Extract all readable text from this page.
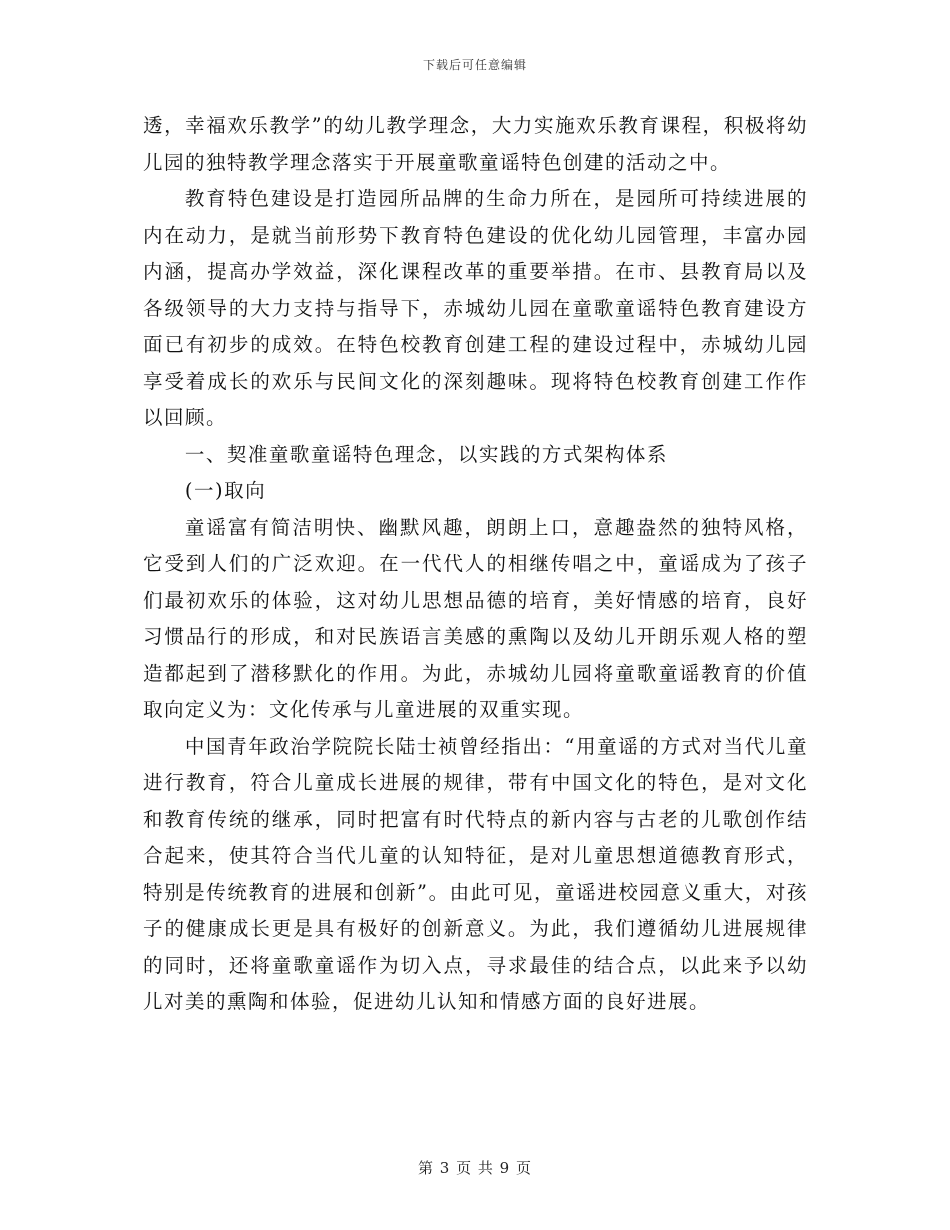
下载后可任意编辑

透，幸福欢乐教学”的幼儿教学理念，大力实施欢乐教育课程，积极将幼儿园的独特教学理念落实于开展童歌童谣特色创建的活动之中。

教育特色建设是打造园所品牌的生命力所在，是园所可持续进展的内在动力，是就当前形势下教育特色建设的优化幼儿园管理，丰富办园内涵，提高办学效益，深化课程改革的重要举措。在市、县教育局以及各级领导的大力支持与指导下，赤城幼儿园在童歌童谣特色教育建设方面已有初步的成效。在特色校教育创建工程的建设过程中，赤城幼儿园享受着成长的欢乐与民间文化的深刻趣味。现将特色校教育创建工作作以回顾。

一、契准童歌童谣特色理念，以实践的方式架构体系

(一)取向

童谣富有简洁明快、幽默风趣，朗朗上口，意趣盎然的独特风格，它受到人们的广泛欢迎。在一代代人的相继传唱之中，童谣成为了孩子们最初欢乐的体验，这对幼儿思想品德的培育，美好情感的培育，良好习惯品行的形成，和对民族语言美感的熏陶以及幼儿开朗乐观人格的塑造都起到了潜移默化的作用。为此，赤城幼儿园将童歌童谣教育的价值取向定义为：文化传承与儿童进展的双重实现。

中国青年政治学院院长陆士祯曾经指出：“用童谣的方式对当代儿童进行教育，符合儿童成长进展的规律，带有中国文化的特色，是对文化和教育传统的继承，同时把富有时代特点的新内容与古老的儿歌创作结合起来，使其符合当代儿童的认知特征，是对儿童思想道德教育形式，特别是传统教育的进展和创新”。由此可见，童谣进校园意义重大，对孩子的健康成长更是具有极好的创新意义。为此，我们遵循幼儿进展规律的同时，还将童歌童谣作为切入点，寻求最佳的结合点，以此来予以幼儿对美的熏陶和体验，促进幼儿认知和情感方面的良好进展。

第 3 页 共 9 页
